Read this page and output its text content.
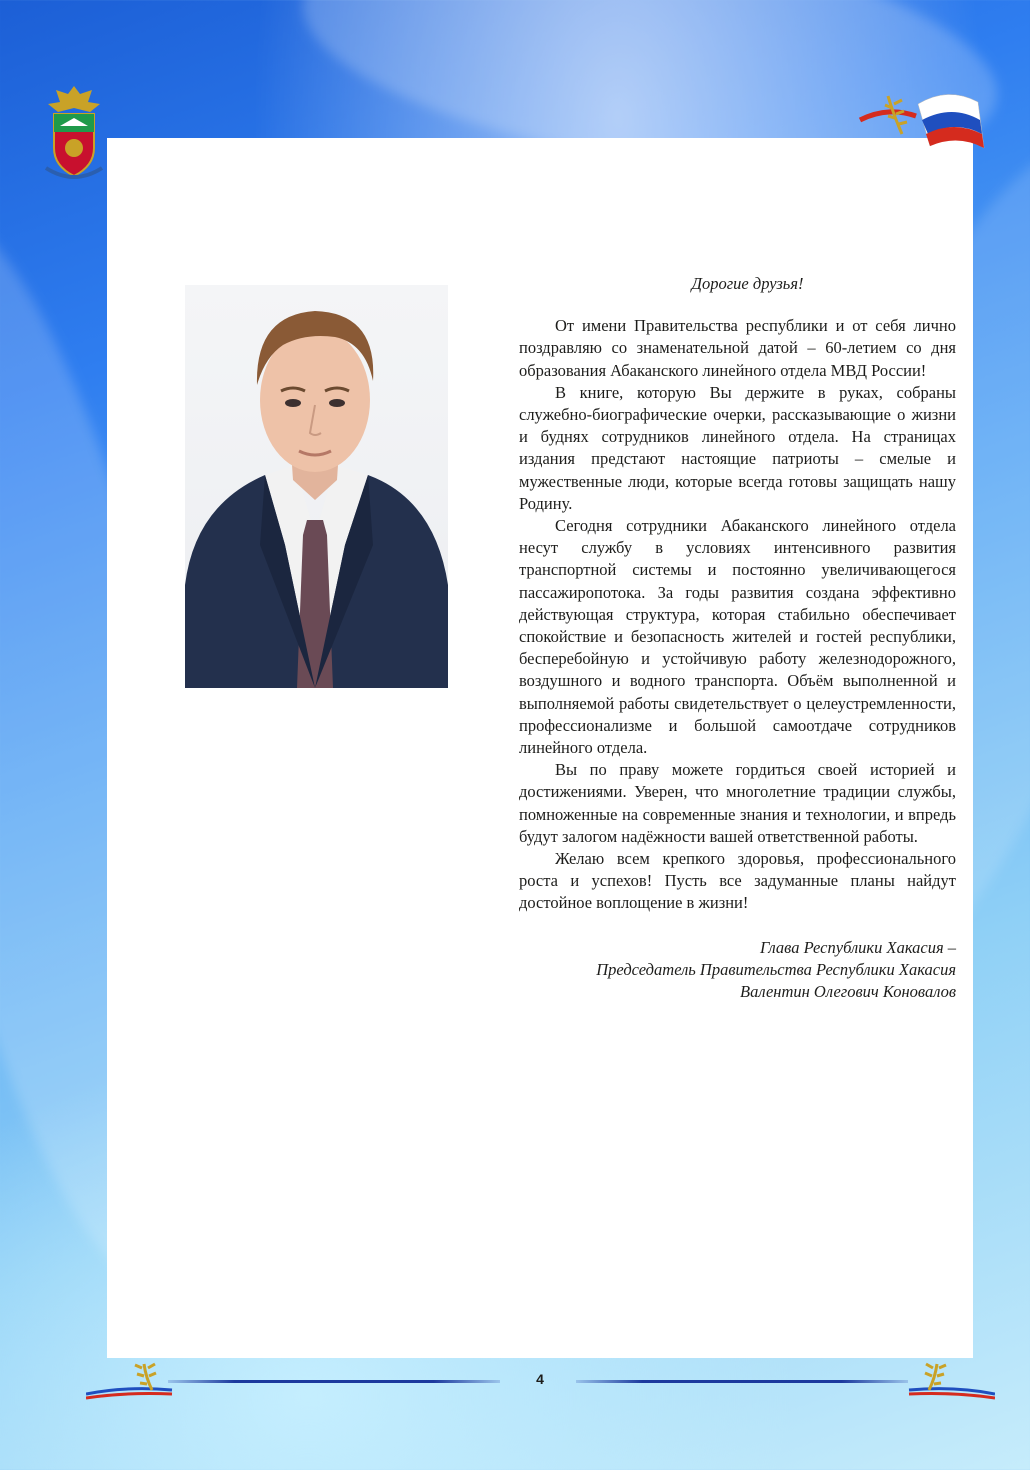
Дорогие друзья!

От имени Правительства республики и от себя лично поздравляю со знаменательной датой – 60-летием со дня образования Абаканского линейного отдела МВД России!

В книге, которую Вы держите в руках, собраны служебно-биографические очерки, рассказывающие о жизни и буднях сотрудников линейного отдела. На страницах издания предстают настоящие патриоты – смелые и мужественные люди, которые всегда готовы защищать нашу Родину.

Сегодня сотрудники Абаканского линейного отдела несут службу в условиях интенсивного развития транспортной системы и постоянно увеличивающегося пассажиропотока. За годы развития создана эффективно действующая структура, которая стабильно обеспечивает спокойствие и безопасность жителей и гостей республики, бесперебойную и устойчивую работу железнодорожного, воздушного и водного транспорта. Объём выполненной и выполняемой работы свидетельствует о целеустремленности, профессионализме и большой самоотдаче сотрудников линейного отдела.

Вы по праву можете гордиться своей историей и достижениями. Уверен, что многолетние традиции службы, помноженные на современные знания и технологии, и впредь будут залогом надёжности вашей ответственной работы.

Желаю всем крепкого здоровья, профессионального роста и успехов! Пусть все задуманные планы найдут достойное воплощение в жизни!

Глава Республики Хакасия –
Председатель Правительства Республики Хакасия
Валентин Олегович Коновалов
4
